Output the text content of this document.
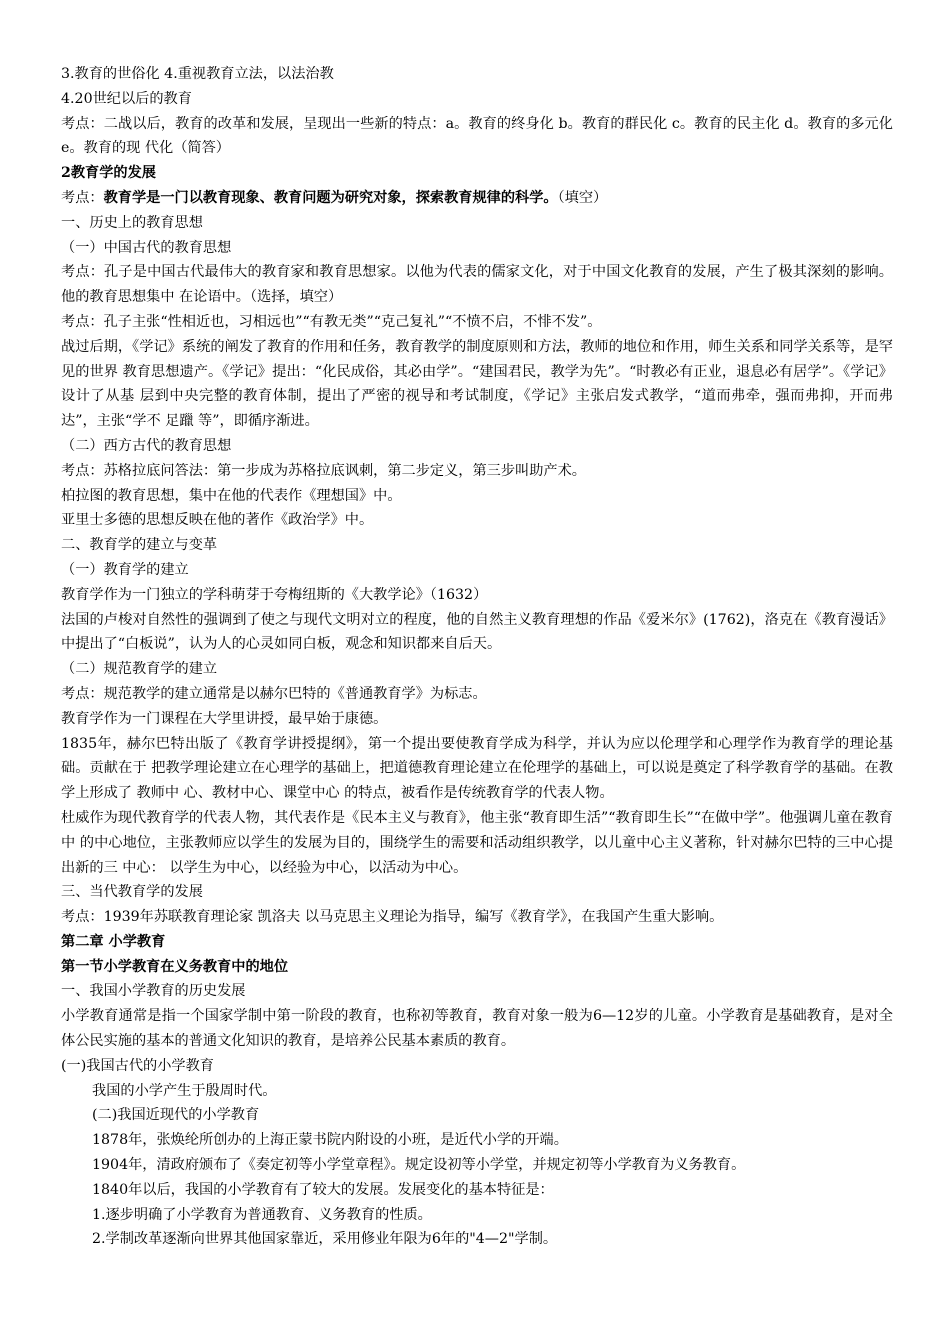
3.教育的世俗化 4.重视教育立法，以法治教

4.20世纪以后的教育

考点：二战以后，教育的改革和发展，呈现出一些新的特点：a。教育的终身化 b。教育的群民化 c。教育的民主化 d。教育的多元化 e。教育的现 代化（简答）

2教育学的发展

考点：教育学是一门以教育现象、教育问题为研究对象，探索教育规律的科学。（填空）

一、历史上的教育思想

（一）中国古代的教育思想

考点：孔子是中国古代最伟大的教育家和教育思想家。以他为代表的儒家文化，对于中国文化教育的发展，产生了极其深刻的影响。他的教育思想集中 在论语中。（选择，填空）

考点：孔子主张“性相近也，习相远也”“有教无类”“克己复礼”“不愤不启，不悱不发”。

战过后期，《学记》系统的阐发了教育的作用和任务，教育教学的制度原则和方法，教师的地位和作用，师生关系和同学关系等，是罕见的世界 教育思想遗产。《学记》提出：“化民成俗，其必由学”。“建国君民，教学为先”。“时教必有正业，退息必有居学”。《学记》设计了从基 层到中央完整的教育体制，提出了严密的视导和考试制度，《学记》主张启发式教学，“道而弗牵，强而弗抑，开而弗达”，主张“学不 足躐 等”，即循序渐进。

（二）西方古代的教育思想

考点：苏格拉底问答法：第一步成为苏格拉底讽刺，第二步定义，第三步叫助产术。

柏拉图的教育思想，集中在他的代表作《理想国》中。

亚里士多德的思想反映在他的著作《政治学》中。

二、教育学的建立与变革

（一）教育学的建立

教育学作为一门独立的学科萌芽于夸梅纽斯的《大教学论》（1632）

法国的卢梭对自然性的强调到了使之与现代文明对立的程度，他的自然主义教育理想的作品《爱米尔》(1762)，洛克在《教育漫话》中提出了“白板说”，认为人的心灵如同白板，观念和知识都来自后天。

（二）规范教育学的建立

考点：规范教学的建立通常是以赫尔巴特的《普通教育学》为标志。

教育学作为一门课程在大学里讲授，最早始于康德。

1835年，赫尔巴特出版了《教育学讲授提纲》，第一个提出要使教育学成为科学，并认为应以伦理学和心理学作为教育学的理论基础。贡献在于 把教学理论建立在心理学的基础上，把道德教育理论建立在伦理学的基础上，可以说是奠定了科学教育学的基础。在教学上形成了 教师中 心、教材中心、课堂中心 的特点，被看作是传统教育学的代表人物。

杜威作为现代教育学的代表人物，其代表作是《民本主义与教育》，他主张“教育即生活”“教育即生长”“在做中学”。他强调儿童在教育中 的中心地位，主张教师应以学生的发展为目的，围绕学生的需要和活动组织教学，以儿童中心主义著称，针对赫尔巴特的三中心提出新的三 中心： 以学生为中心，以经验为中心，以活动为中心。

三、当代教育学的发展

考点：1939年苏联教育理论家 凯洛夫 以马克思主义理论为指导，编写《教育学》，在我国产生重大影响。

第二章 小学教育

第一节小学教育在义务教育中的地位

一、我国小学教育的历史发展

小学教育通常是指一个国家学制中第一阶段的教育，也称初等教育，教育对象一般为6—12岁的儿童。小学教育是基础教育，是对全体公民实施的基本的普通文化知识的教育，是培养公民基本素质的教育。

(一)我国古代的小学教育

我国的小学产生于殷周时代。

(二)我国近现代的小学教育

1878年，张焕纶所创办的上海正蒙书院内附设的小班，是近代小学的开端。

1904年，清政府颁布了《奏定初等小学堂章程》。规定设初等小学堂，并规定初等小学教育为义务教育。

1840年以后，我国的小学教育有了较大的发展。发展变化的基本特征是：

1.逐步明确了小学教育为普通教育、义务教育的性质。

2.学制改革逐渐向世界其他国家靠近，采用修业年限为6年的"4—2"学制。
